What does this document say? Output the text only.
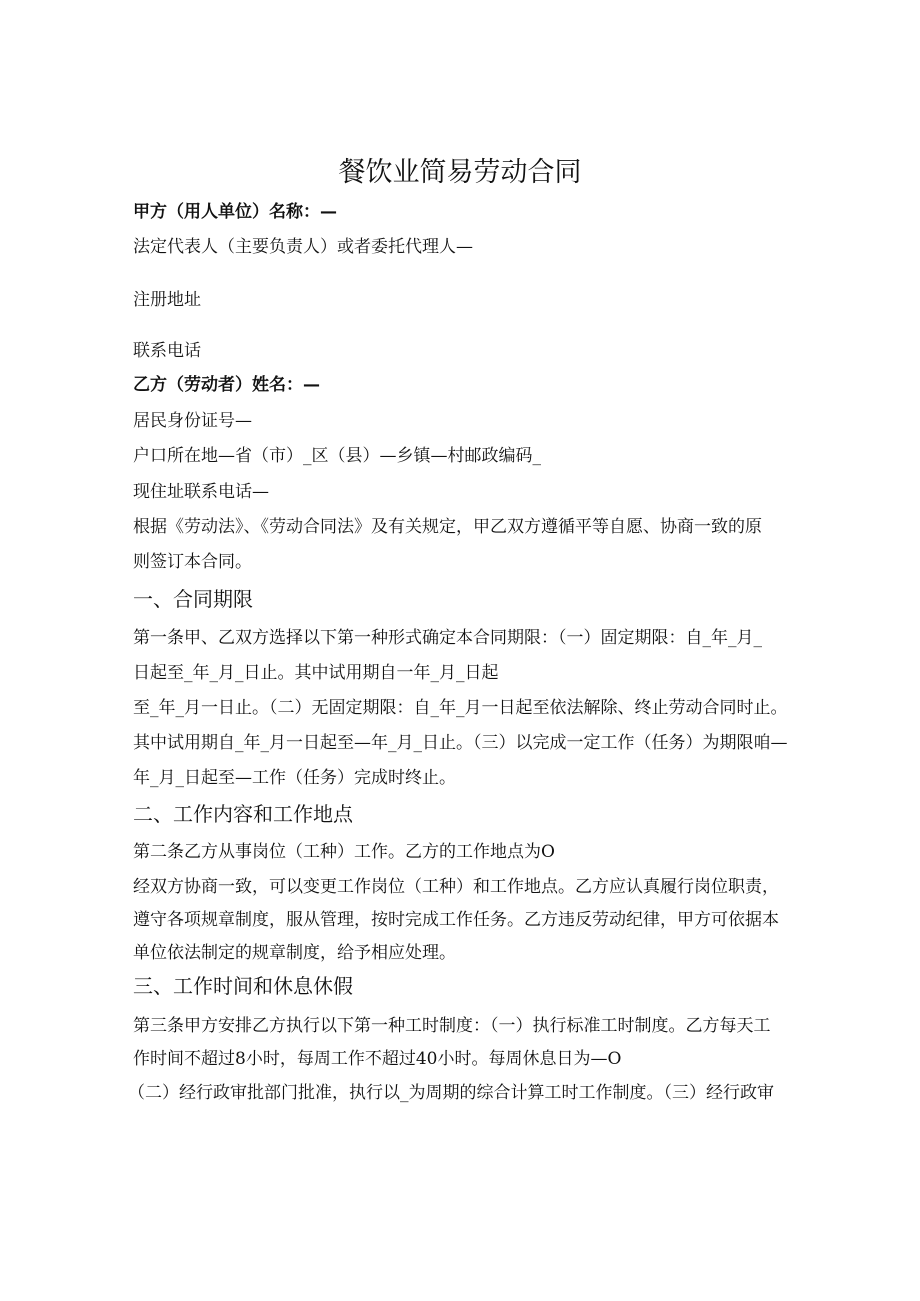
餐饮业简易劳动合同

甲方（用人单位）名称：—

法定代表人（主要负责人）或者委托代理人—

注册地址

联系电话

乙方（劳动者）姓名：—

居民身份证号—

户口所在地—省（市）_区（县）—乡镇—村邮政编码_

现住址联系电话—

根据《劳动法》、《劳动合同法》及有关规定，甲乙双方遵循平等自愿、协商一致的原

则签订本合同。

一、合同期限

第一条甲、乙双方选择以下第一种形式确定本合同期限：（一）固定期限：自_年_月_

日起至_年_月_日止。其中试用期自一年_月_日起

至_年_月一日止。（二）无固定期限：自_年_月一日起至依法解除、终止劳动合同时止。

其中试用期自_年_月一日起至—年_月_日止。（三）以完成一定工作（任务）为期限咱—

年_月_日起至—工作（任务）完成时终止。

二、工作内容和工作地点

第二条乙方从事岗位（工种）工作。乙方的工作地点为O

经双方协商一致，可以变更工作岗位（工种）和工作地点。乙方应认真履行岗位职责，

遵守各项规章制度，服从管理，按时完成工作任务。乙方违反劳动纪律，甲方可依据本

单位依法制定的规章制度，给予相应处理。

三、工作时间和休息休假

第三条甲方安排乙方执行以下第一种工时制度：（一）执行标准工时制度。乙方每天工

作时间不超过8小时，每周工作不超过40小时。每周休息日为—O

（二）经行政审批部门批准，执行以_为周期的综合计算工时工作制度。（三）经行政审
